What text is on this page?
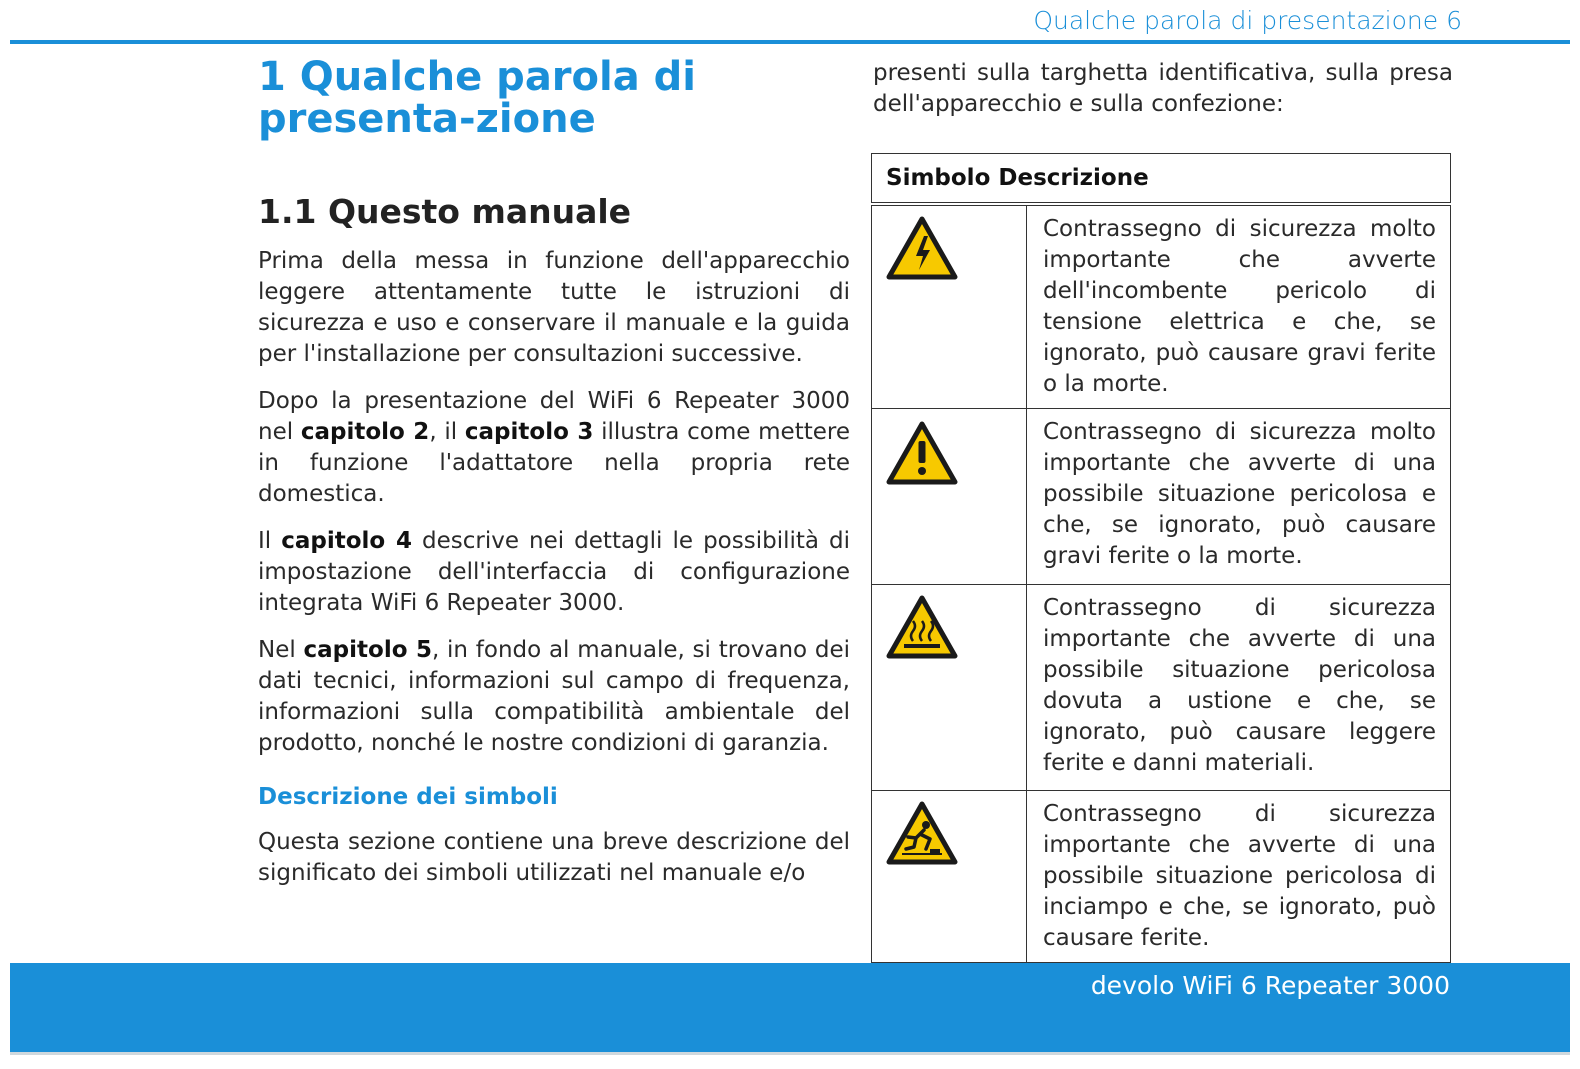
Qualche parola di presentazione 6
1 Qualche parola di presenta-zione
1.1 Questo manuale

Prima della messa in funzione dell'apparecchio leggere attentamente tutte le istruzioni di sicurezza e uso e conservare il manuale e la guida per l'installazione per consultazioni successive.

Dopo la presentazione del WiFi 6 Repeater 3000 nel capitolo 2, il capitolo 3 illustra come mettere in funzione l'adattatore nella propria rete domestica.

Il capitolo 4 descrive nei dettagli le possibilità di impostazione dell'interfaccia di configurazione integrata WiFi 6 Repeater 3000.

Nel capitolo 5, in fondo al manuale, si trovano dei dati tecnici, informazioni sul campo di frequenza, informazioni sulla compatibilità ambientale del prodotto, nonché le nostre condizioni di garanzia.

Descrizione dei simboli

Questa sezione contiene una breve descrizione del significato dei simboli utilizzati nel manuale e/o

presenti sulla targhetta identificativa, sulla presa dell'apparecchio e sulla confezione:

Simbolo Descrizione	
	Contrassegno di sicurezza molto importante che avverte dell'incombente pericolo di tensione elettrica e che, se ignorato, può causare gravi ferite o la morte.
	Contrassegno di sicurezza molto importante che avverte di una possibile situazione pericolosa e che, se ignorato, può causare gravi ferite o la morte.
	Contrassegno di sicurezza importante che avverte di una possibile situazione pericolosa dovuta a ustione e che, se ignorato, può causare leggere ferite e danni materiali.
	Contrassegno di sicurezza importante che avverte di una possibile situazione pericolosa di inciampo e che, se ignorato, può causare ferite.
devolo WiFi 6 Repeater 3000
